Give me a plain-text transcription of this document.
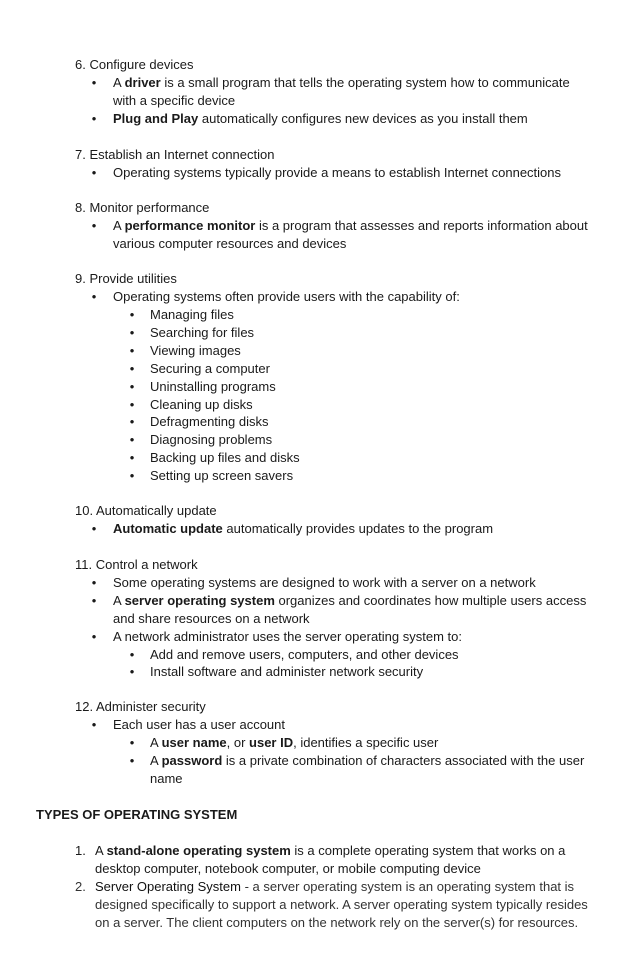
6. Configure devices
• A driver is a small program that tells the operating system how to communicate
with a specific device
• Plug and Play automatically configures new devices as you install them
7. Establish an Internet connection
• Operating systems typically provide a means to establish Internet connections
8. Monitor performance
• A performance monitor is a program that assesses and reports information about
various computer resources and devices
9. Provide utilities
• Operating systems often provide users with the capability of:
• Managing files
• Searching for files
• Viewing images
• Securing a computer
• Uninstalling programs
• Cleaning up disks
• Defragmenting disks
• Diagnosing problems
• Backing up files and disks
• Setting up screen savers
10. Automatically update
• Automatic update automatically provides updates to the program
11. Control a network
• Some operating systems are designed to work with a server on a network
• A server operating system organizes and coordinates how multiple users access
and share resources on a network
• A network administrator uses the server operating system to:
• Add and remove users, computers, and other devices
• Install software and administer network security
12. Administer security
• Each user has a user account
• A user name, or user ID, identifies a specific user
• A password is a private combination of characters associated with the user
name
TYPES OF OPERATING SYSTEM
1. A stand-alone operating system is a complete operating system that works on a
desktop computer, notebook computer, or mobile computing device
2. Server Operating System - a server operating system is an operating system that is
designed specifically to support a network. A server operating system typically resides
on a server. The client computers on the network rely on the server(s) for resources.
